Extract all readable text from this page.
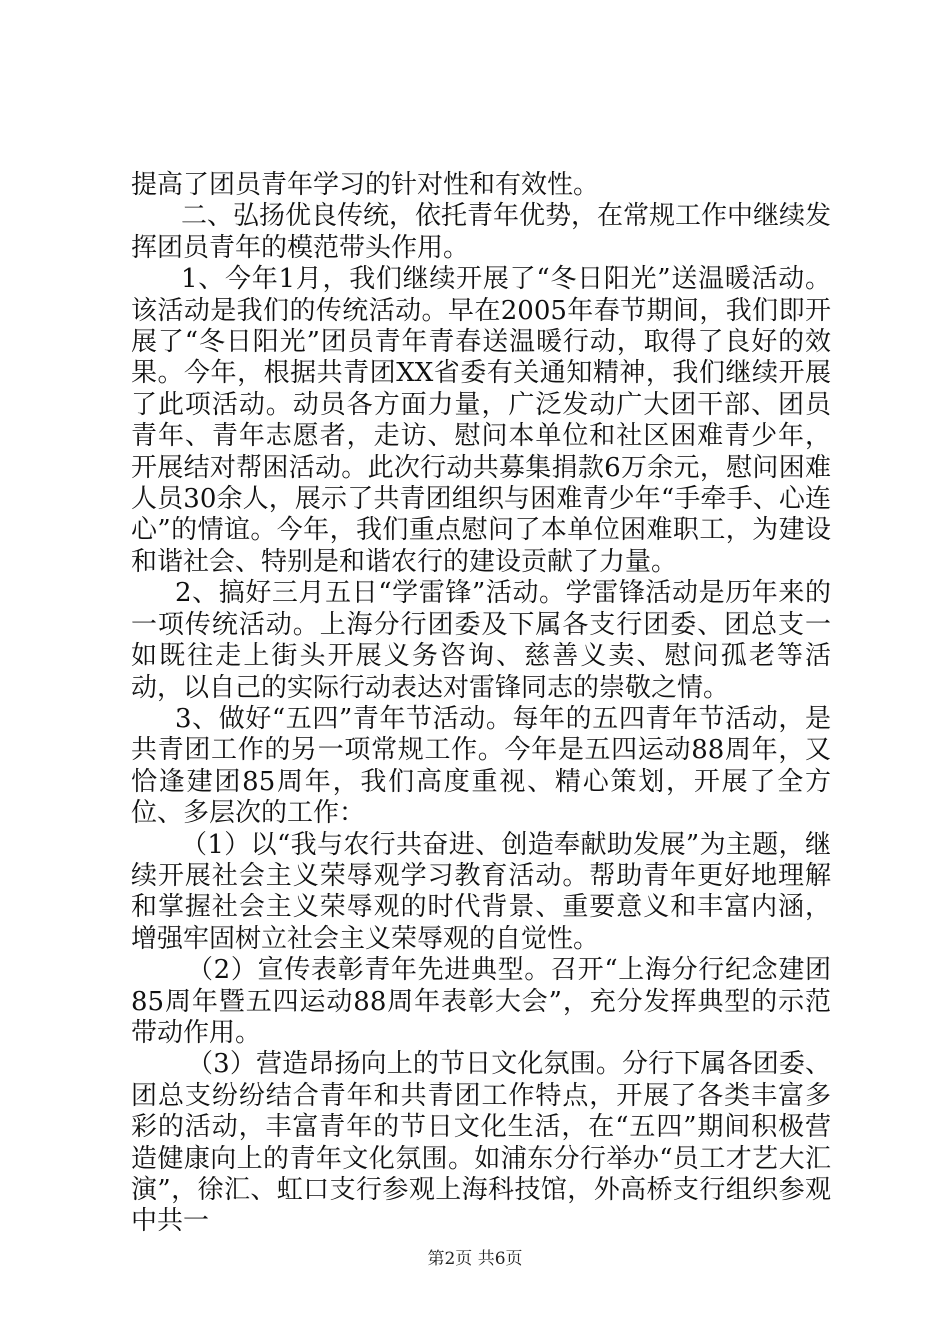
提高了团员青年学习的针对性和有效性。

二、弘扬优良传统，依托青年优势，在常规工作中继续发挥团员青年的模范带头作用。

1、今年1月，我们继续开展了“冬日阳光”送温暖活动。该活动是我们的传统活动。早在2005年春节期间，我们即开展了“冬日阳光”团员青年青春送温暖行动，取得了良好的效果。今年，根据共青团XX省委有关通知精神，我们继续开展了此项活动。动员各方面力量，广泛发动广大团干部、团员青年、青年志愿者，走访、慰问本单位和社区困难青少年，开展结对帮困活动。此次行动共募集捐款6万余元，慰问困难人员30余人，展示了共青团组织与困难青少年“手牵手、心连心”的情谊。今年，我们重点慰问了本单位困难职工，为建设和谐社会、特别是和谐农行的建设贡献了力量。

2、搞好三月五日“学雷锋”活动。学雷锋活动是历年来的一项传统活动。上海分行团委及下属各支行团委、团总支一如既往走上街头开展义务咨询、慈善义卖、慰问孤老等活动，以自己的实际行动表达对雷锋同志的崇敬之情。

3、做好“五四”青年节活动。每年的五四青年节活动，是共青团工作的另一项常规工作。今年是五四运动88周年，又恰逢建团85周年，我们高度重视、精心策划，开展了全方位、多层次的工作：

（1）以“我与农行共奋进、创造奉献助发展”为主题，继续开展社会主义荣辱观学习教育活动。帮助青年更好地理解和掌握社会主义荣辱观的时代背景、重要意义和丰富内涵，增强牢固树立社会主义荣辱观的自觉性。

（2）宣传表彰青年先进典型。召开“上海分行纪念建团85周年暨五四运动88周年表彰大会”，充分发挥典型的示范带动作用。

（3）营造昂扬向上的节日文化氛围。分行下属各团委、团总支纷纷结合青年和共青团工作特点，开展了各类丰富多彩的活动，丰富青年的节日文化生活，在“五四”期间积极营造健康向上的青年文化氛围。如浦东分行举办“员工才艺大汇演”，徐汇、虹口支行参观上海科技馆，外高桥支行组织参观中共一

第2页 共6页
